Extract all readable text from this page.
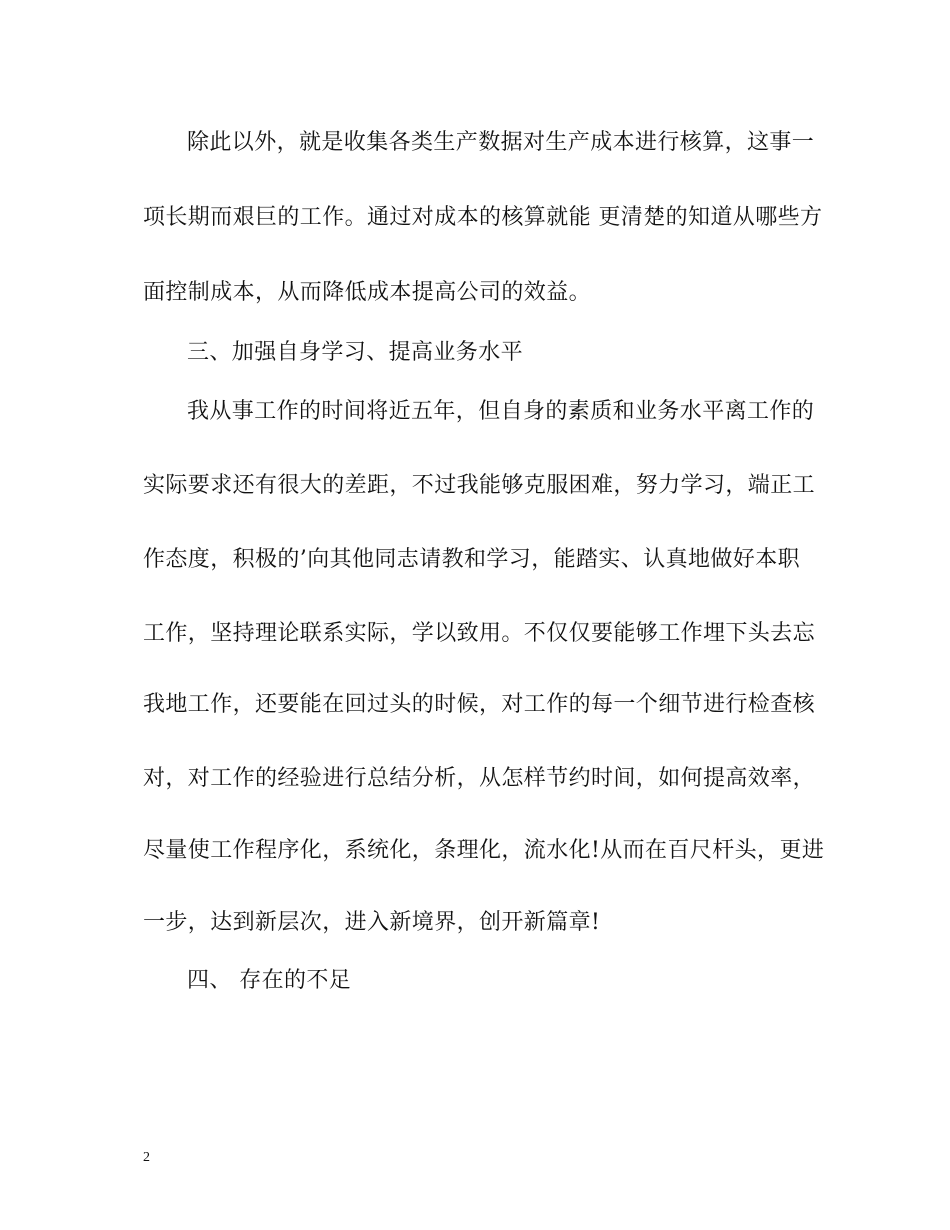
除此以外，就是收集各类生产数据对生产成本进行核算，这事一
项长期而艰巨的工作。通过对成本的核算就能 更清楚的知道从哪些方
面控制成本，从而降低成本提高公司的效益。
三、加强自身学习、提高业务水平
我从事工作的时间将近五年，但自身的素质和业务水平离工作的
实际要求还有很大的差距，不过我能够克服困难，努力学习，端正工
作态度，积极的’向其他同志请教和学习，能踏实、认真地做好本职
工作，坚持理论联系实际，学以致用。不仅仅要能够工作埋下头去忘
我地工作，还要能在回过头的时候，对工作的每一个细节进行检查核
对，对工作的经验进行总结分析，从怎样节约时间，如何提高效率，
尽量使工作程序化，系统化，条理化，流水化!从而在百尺杆头，更进
一步，达到新层次，进入新境界，创开新篇章!
四、 存在的不足
2
